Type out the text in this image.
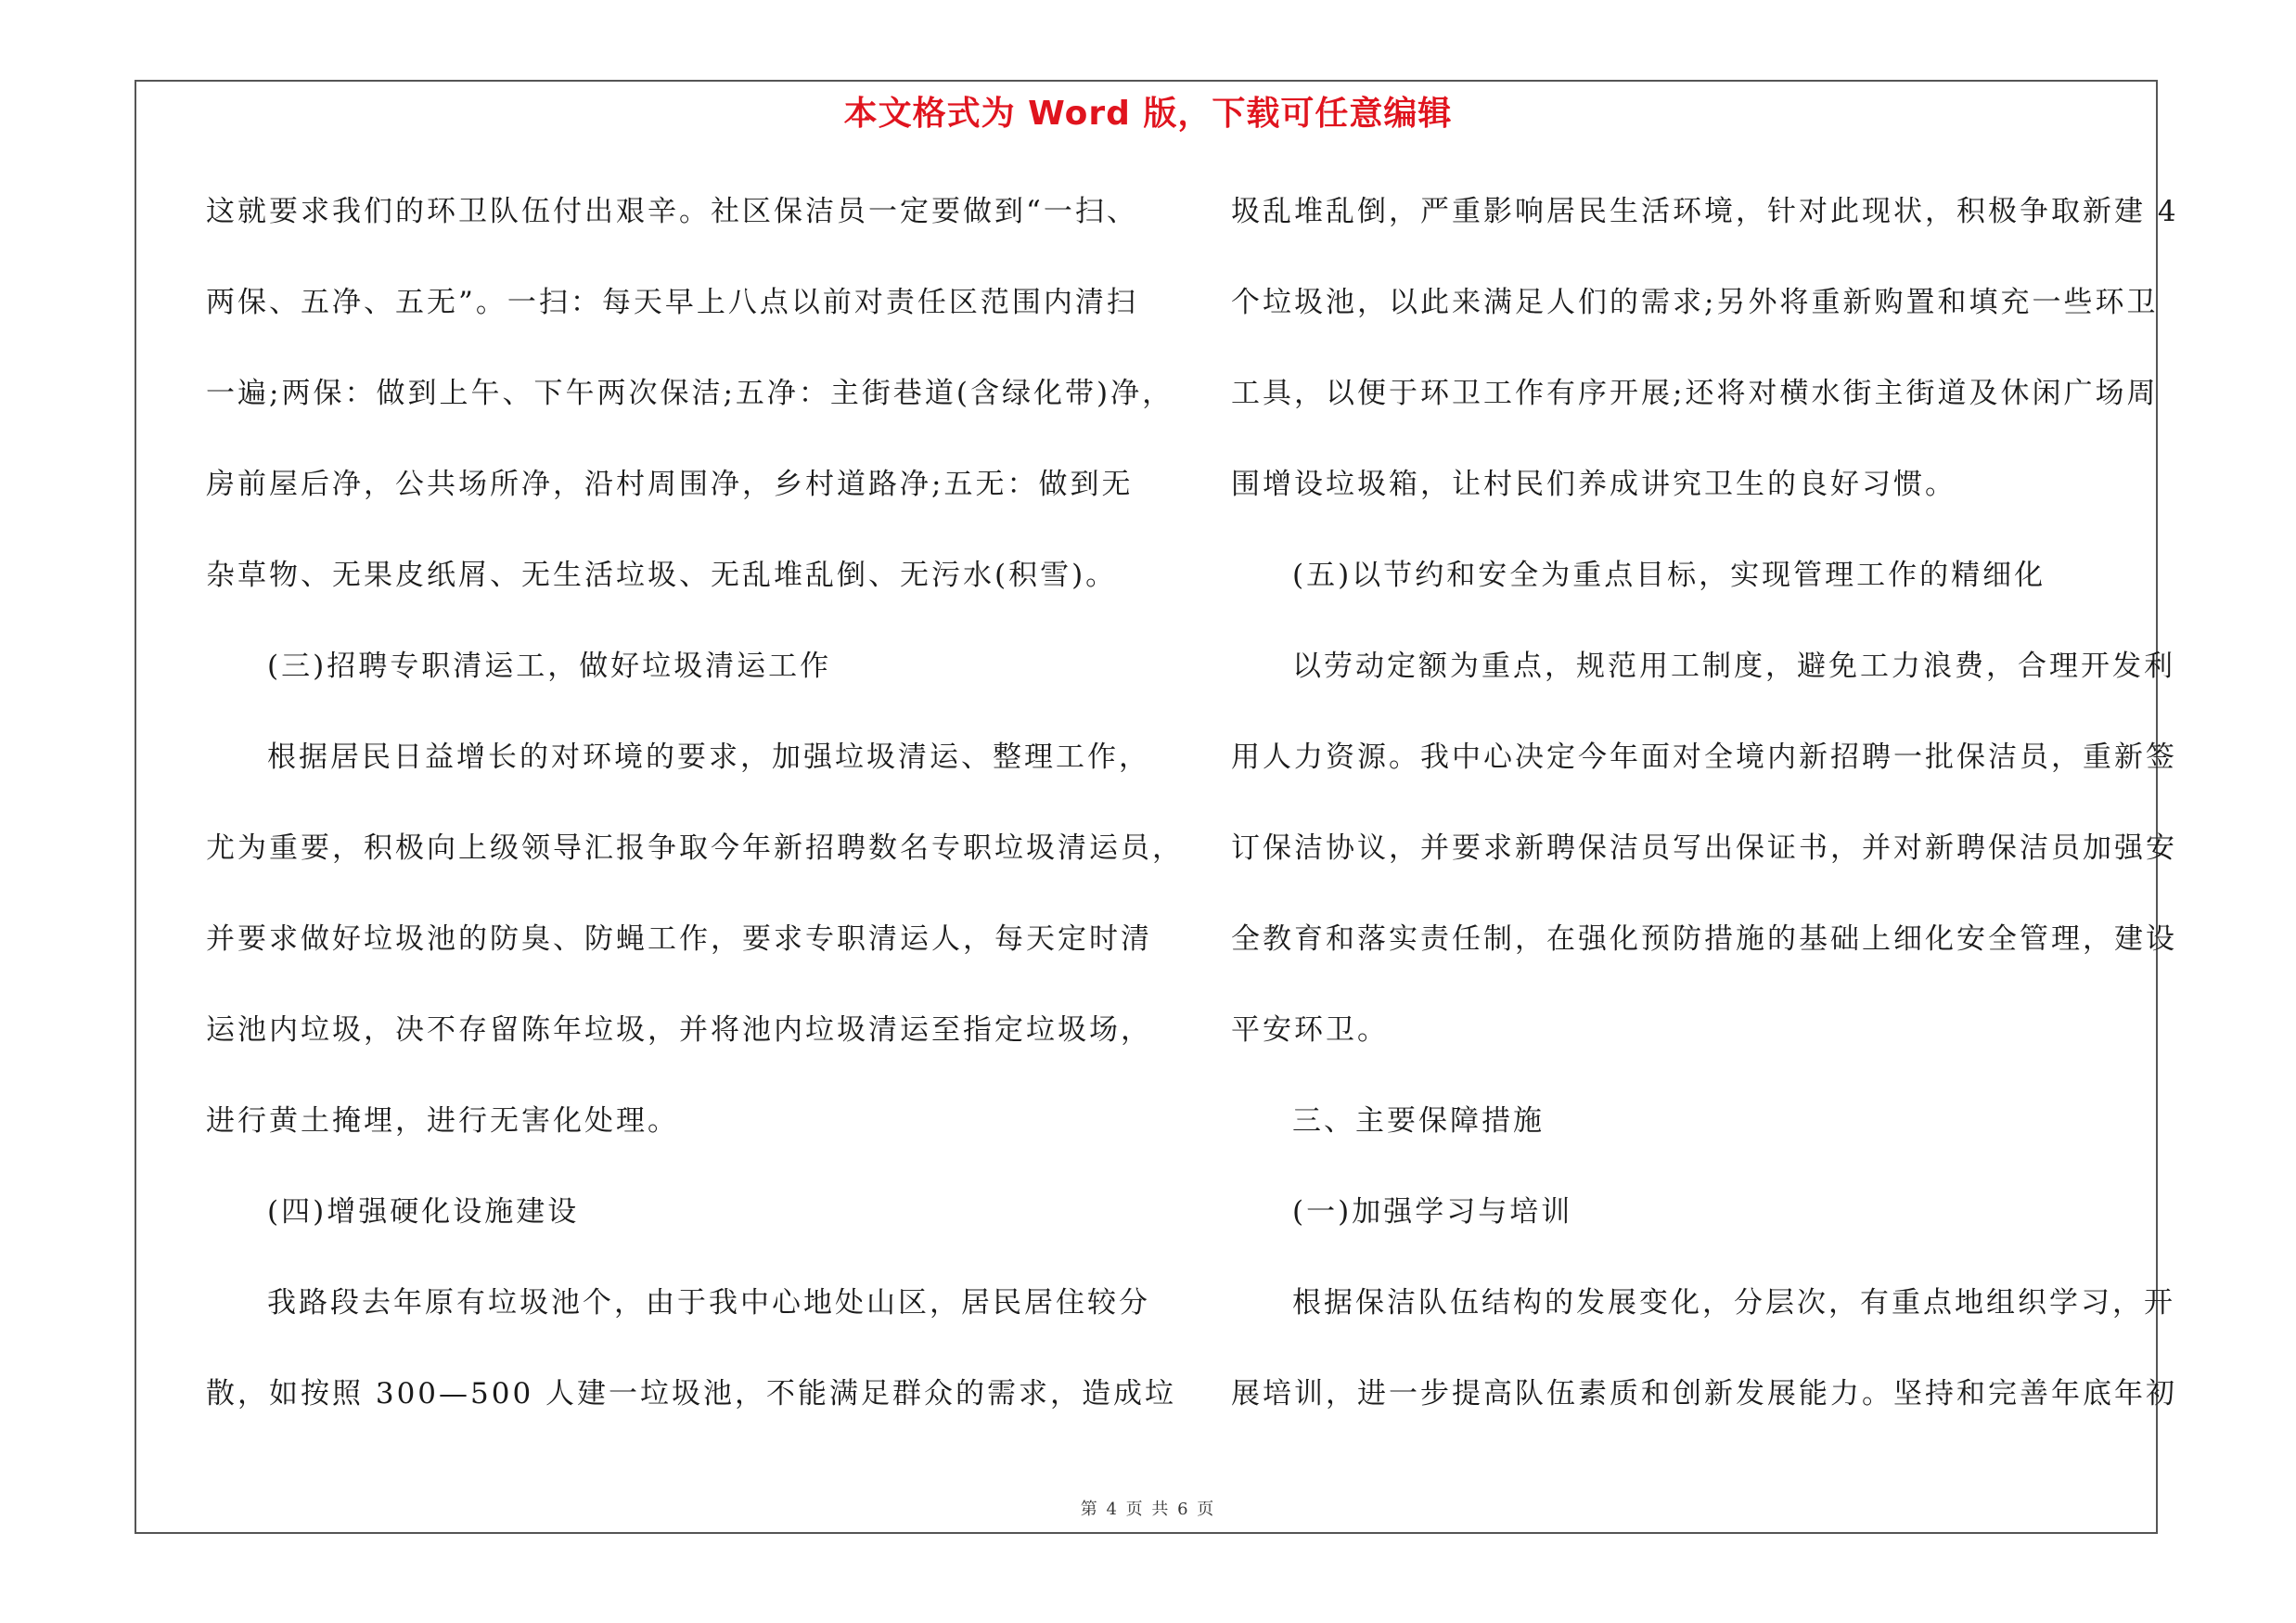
本文格式为 Word 版，下载可任意编辑
这就要求我们的环卫队伍付出艰辛。社区保洁员一定要做到“一扫、
两保、五净、五无”。一扫：每天早上八点以前对责任区范围内清扫
一遍;两保：做到上午、下午两次保洁;五净：主街巷道(含绿化带)净，
房前屋后净，公共场所净，沿村周围净，乡村道路净;五无：做到无
杂草物、无果皮纸屑、无生活垃圾、无乱堆乱倒、无污水(积雪)。
(三)招聘专职清运工，做好垃圾清运工作
根据居民日益增长的对环境的要求，加强垃圾清运、整理工作，
尤为重要，积极向上级领导汇报争取今年新招聘数名专职垃圾清运员，
并要求做好垃圾池的防臭、防蝇工作，要求专职清运人，每天定时清
运池内垃圾，决不存留陈年垃圾，并将池内垃圾清运至指定垃圾场，
进行黄土掩埋，进行无害化处理。
(四)增强硬化设施建设
我路段去年原有垃圾池个，由于我中心地处山区，居民居住较分
散，如按照 300—500 人建一垃圾池，不能满足群众的需求，造成垃
圾乱堆乱倒，严重影响居民生活环境，针对此现状，积极争取新建 4
个垃圾池，以此来满足人们的需求;另外将重新购置和填充一些环卫
工具，以便于环卫工作有序开展;还将对横水街主街道及休闲广场周
围增设垃圾箱，让村民们养成讲究卫生的良好习惯。
(五)以节约和安全为重点目标，实现管理工作的精细化
以劳动定额为重点，规范用工制度，避免工力浪费，合理开发利
用人力资源。我中心决定今年面对全境内新招聘一批保洁员，重新签
订保洁协议，并要求新聘保洁员写出保证书，并对新聘保洁员加强安
全教育和落实责任制，在强化预防措施的基础上细化安全管理，建设
平安环卫。
三、主要保障措施
(一)加强学习与培训
根据保洁队伍结构的发展变化，分层次，有重点地组织学习，开
展培训，进一步提高队伍素质和创新发展能力。坚持和完善年底年初
第 4 页 共 6 页
